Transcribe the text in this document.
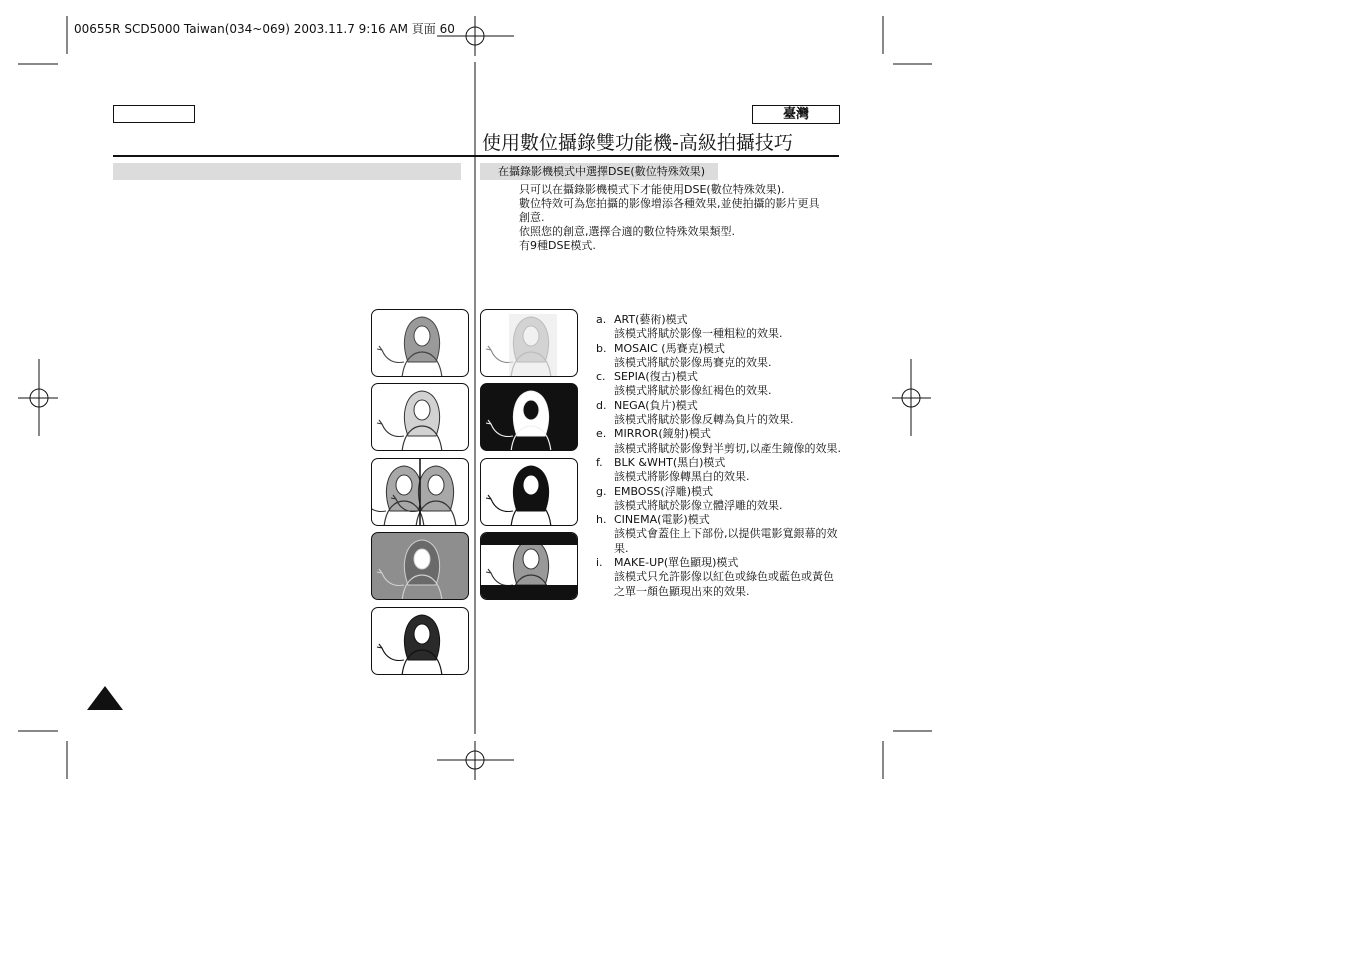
00655R SCD5000 Taiwan(034~069) 2003.11.7 9:16 AM 頁面 60
臺灣
使用數位攝錄雙功能機-高級拍攝技巧
在攝錄影機模式中選擇DSE(數位特殊效果)
只可以在攝錄影機模式下才能使用DSE(數位特殊效果).
數位特效可為您拍攝的影像增添各種效果,並使拍攝的影片更具
創意.
依照您的創意,選擇合適的數位特殊效果類型.
有9種DSE模式.
a. ART(藝術)模式
該模式將賦於影像一種粗粒的效果.
b. MOSAIC (馬賽克)模式
該模式將賦於影像馬賽克的效果.
c. SEPIA(復古)模式
該模式將賦於影像紅褐色的效果.
d. NEGA(負片)模式
該模式將賦於影像反轉為負片的效果.
e. MIRROR(鏡射)模式
該模式將賦於影像對半剪切,以產生鏡像的效果.
f.	BLK &WHT(黑白)模式
該模式將影像轉黑白的效果.
g. EMBOSS(浮雕)模式
該模式將賦於影像立體浮雕的效果.
h. CINEMA(電影)模式
該模式會蓋住上下部份,以提供電影寬銀幕的效果.
i.	MAKE-UP(單色顯現)模式
該模式只允許影像以紅色或綠色或藍色或黃色之單一顏色顯現出來的效果.
